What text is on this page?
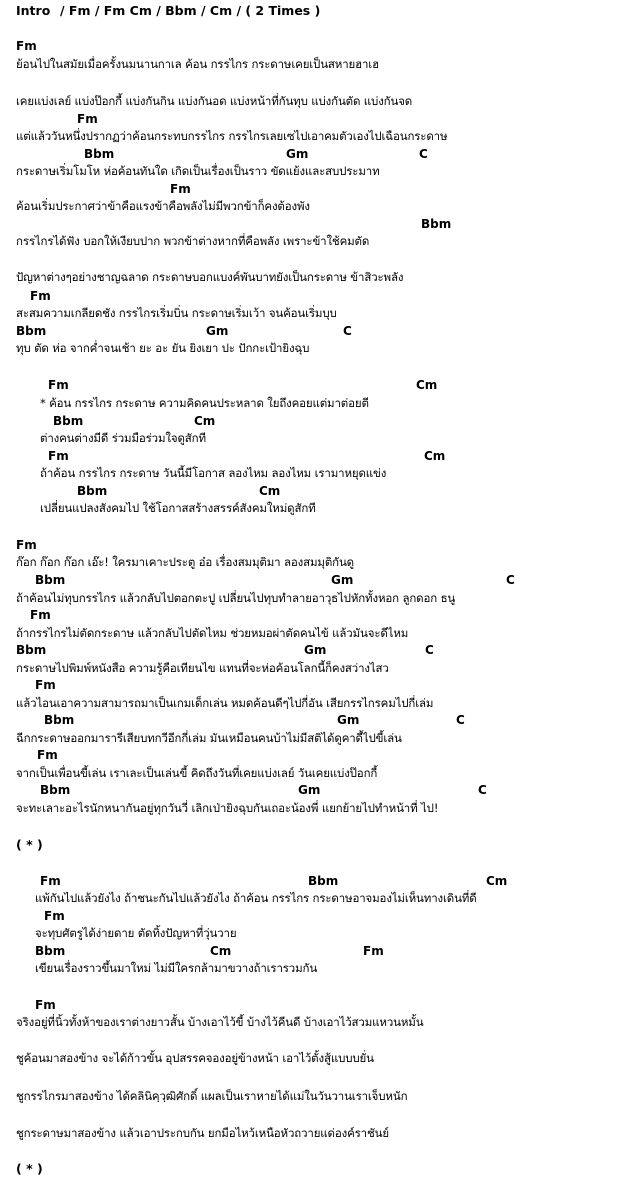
Intro / Fm / Fm Cm / Bbm / Cm / ( 2 Times )
Fm
ย้อนไปในสมัยเมื่อครั้งนมนานกาเล ค้อน กรรไกร กระดาษเคยเป็นสหายฮาเฮ
เคยแบ่งเลย์ แบ่งป๊อกกี้ แบ่งกันกิน แบ่งกันอด แบ่งหน้าที่กันทุบ แบ่งกันตัด แบ่งกันจด
Fm
แต่แล้ววันหนึ่งปรากฏว่าค้อนกระทบกรรไกร กรรไกรเลยเซไปเอาคมตัวเองไปเฉือนกระดาษ
Bbm	Gm	C
กระดาษเริ่มโมโห ห่อค้อนทันใด เกิดเป็นเรื่องเป็นราว ขัดแย้งและสบประมาท
Fm
ค้อนเริ่มประกาศว่าข้าคือแรงข้าคือพลังไม่มีพวกข้าก็คงต้องพัง
Bbm
กรรไกรได้ฟัง บอกให้เงียบปาก พวกข้าต่างหากที่คือพลัง เพราะข้าใช้คมตัด
ปัญหาต่างๆอย่างชาญฉลาด กระดาษบอกแบงค์พันบาทยังเป็นกระดาษ ข้าสิวะพลัง
Fm
สะสมความเกลียดชัง กรรไกรเริ่มบิ่น กระดาษเริ่มเว้า จนค้อนเริ่มบุบ
Bbm	Gm	C
ทุบ ตัด ห่อ จากค่ำจนเช้า ยะ อะ ยัน ยิงเยา ปะ ปักกะเป้ายิงฉุบ
Fm	Cm
* ค้อน กรรไกร กระดาษ ความคิดคนประหลาด ใยถึงคอยแต่มาต่อยตี
Bbm	Cm
ต่างคนต่างมีดี ร่วมมือร่วมใจดูสักที
Fm	Cm
ถ้าค้อน กรรไกร กระดาษ วันนี้มีโอกาส ลองไหม ลองไหม เรามาหยุดแข่ง
Bbm	Cm
เปลี่ยนแปลงสังคมไป ใช้โอกาสสร้างสรรค์สังคมใหม่ดูสักที
Fm
ก๊อก ก๊อก ก๊อก เอ๊ะ! ใครมาเคาะประตู อ๋อ เรื่องสมมุติมา ลองสมมุติกันดู
Bbm	Gm	C
ถ้าค้อนไม่ทุบกรรไกร แล้วกลับไปตอกตะปู เปลี่ยนไปทุบทำลายอาวุธไปหักทั้งหอก ลูกดอก ธนู
Fm
ถ้ากรรไกรไม่ตัดกระดาษ แล้วกลับไปตัดไหม ช่วยหมอผ่าตัดคนไข้ แล้วมันจะดีไหม
Bbm	Gm	C
กระดาษไปพิมพ์หนังสือ ความรู้คือเทียนไข แทนที่จะห่อค้อนโลกนี้ก็คงสว่างไสว
Fm
แล้วไอนเอาความสามารถมาเป็นเกมเด็กเล่น หมดค้อนดีๆไปกี่อัน เสียกรรไกรคมไปกี่เล่ม
Bbm	Gm	C
ฉีกกระดาษออกมารารีเสียบทกวีอีกกี่เล่ม มันเหมือนคนบ้าไม่มีสติได้ดูคาดี้ไปขี้เล่น
Fm
จากเป็นเพื่อนขี้เล่น เราเละเป็นเล่นขี้ คิดถึงวันที่เคยแบ่งเลย์ วันเคยแบ่งป๊อกกี้
Bbm	Gm	C
จะทะเลาะอะไรนักหนากันอยู่ทุกวันวี่ เลิกเป่ายิงฉุบกันเถอะน้องพี่ แยกย้ายไปทำหน้าที่ ไป!
( * )
Fm	Bbm	Cm
แพ้กันไปแล้วยังไง ถ้าชนะกันไปแล้วยังไง ถ้าค้อน กรรไกร กระดาษอาจมองไม่เห็นทางเดินที่ดี
Fm
จะทุบศัตรูได้ง่ายดาย ตัดทิ้งปัญหาที่วุ่นวาย
Bbm	Cm	Fm
เขียนเรื่องราวขึ้นมาใหม่ ไม่มีใครกล้ามาขวางถ้าเรารวมกัน
Fm
จริงอยู่ที่นิ้วทั้งห้าของเราต่างยาวสั้น บ้างเอาไว้ขี้ บ้างไว้คีนดี บ้างเอาไว้สวมแหวนหมั้น
ชูค้อนมาสองข้าง จะได้ก้าวขั้น อุปสรรคจองอยู่ข้างหน้า เอาไว้ตั้งสู้แบบบยั่น
ชูกรรไกรมาสองข้าง ได้คลินิคฺวฺฒิศักดิ์ แผลเป็นเราหายได้แม่ในวันวานเราเจ็บหนัก
ชูกระดาษมาสองข้าง แล้วเอาประกบกัน ยกมือไหว้เหนือหัวถวายแด่องค์ราชันย์
( * )
